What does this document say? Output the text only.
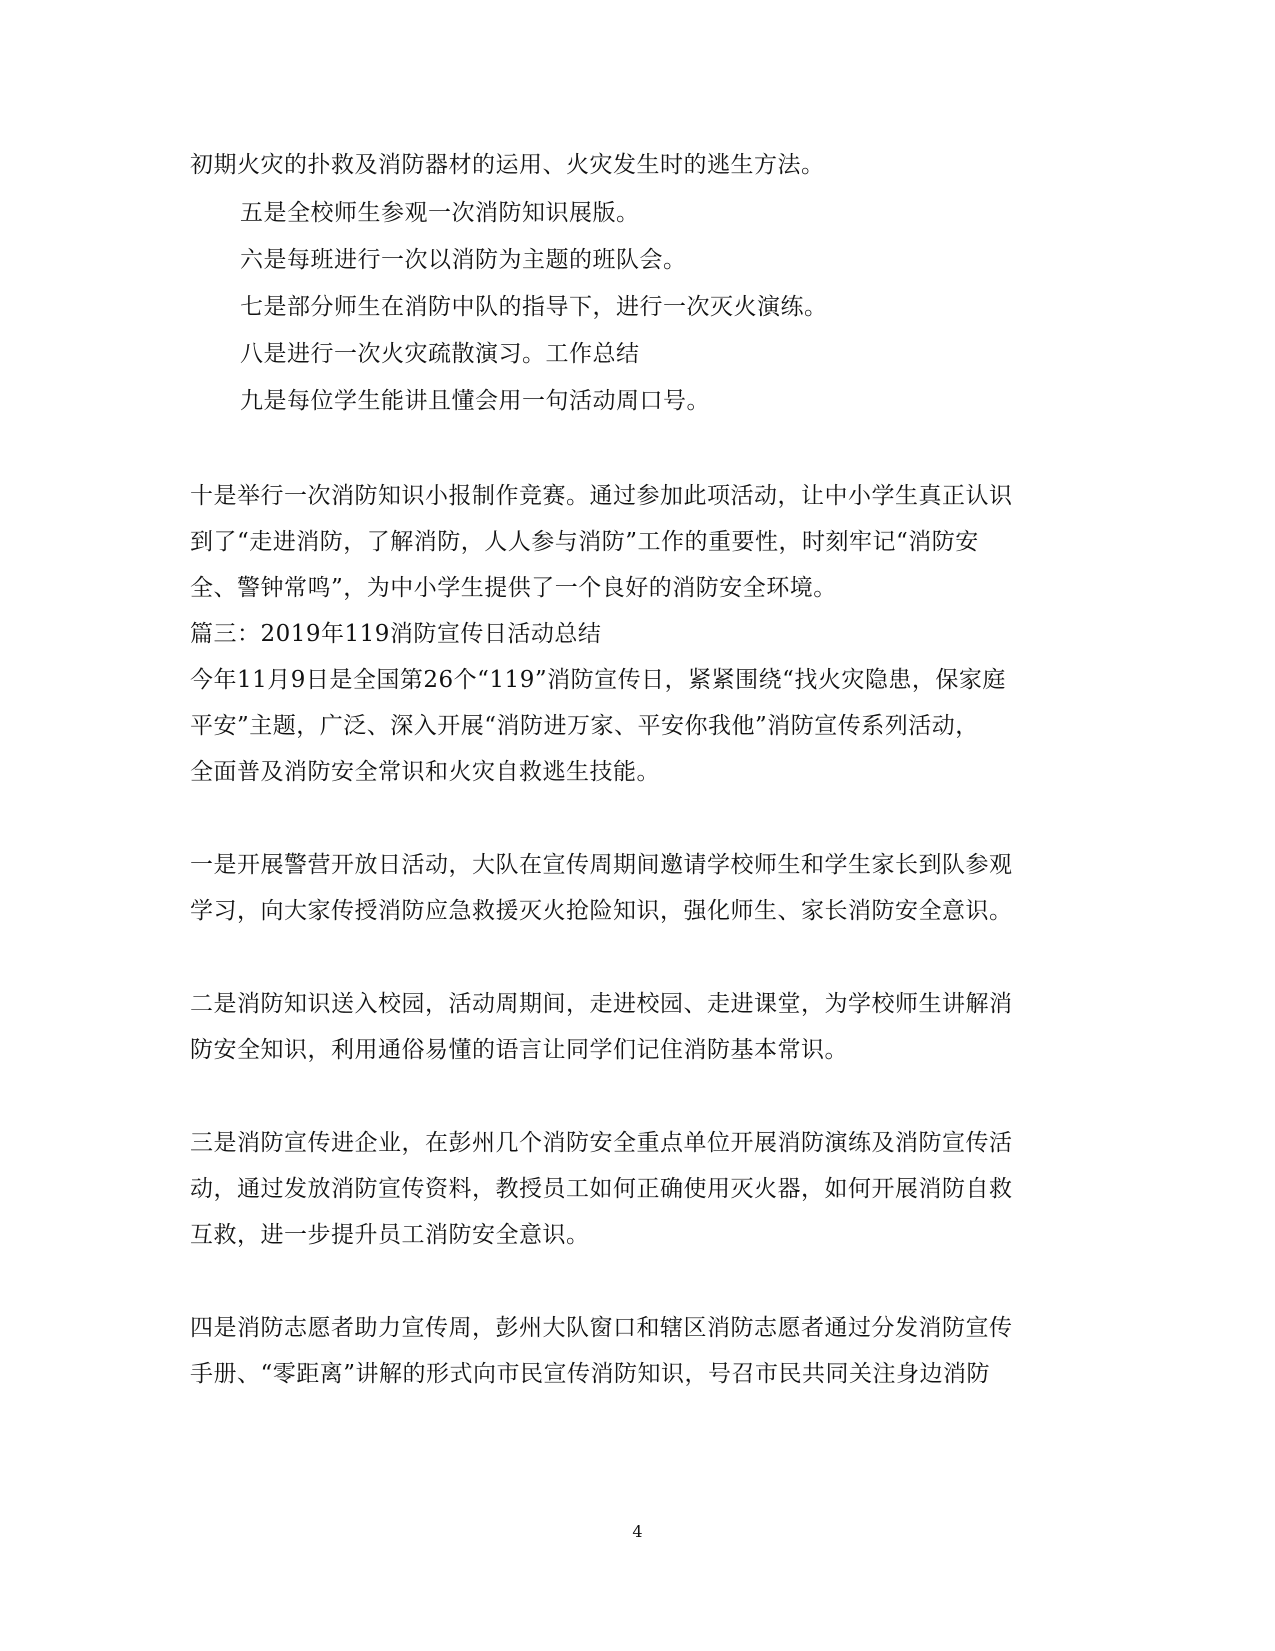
初期火灾的扑救及消防器材的运用、火灾发生时的逃生方法。
五是全校师生参观一次消防知识展版。
六是每班进行一次以消防为主题的班队会。
七是部分师生在消防中队的指导下，进行一次灭火演练。
八是进行一次火灾疏散演习。工作总结
九是每位学生能讲且懂会用一句活动周口号。
十是举行一次消防知识小报制作竞赛。通过参加此项活动，让中小学生真正认识
到了“走进消防，了解消防，人人参与消防”工作的重要性，时刻牢记“消防安
全、警钟常鸣”，为中小学生提供了一个良好的消防安全环境。
篇三：2019年119消防宣传日活动总结
今年11月9日是全国第26个“119”消防宣传日，紧紧围绕“找火灾隐患，保家庭
平安”主题，广泛、深入开展“消防进万家、平安你我他”消防宣传系列活动，
全面普及消防安全常识和火灾自救逃生技能。
一是开展警营开放日活动，大队在宣传周期间邀请学校师生和学生家长到队参观
学习，向大家传授消防应急救援灭火抢险知识，强化师生、家长消防安全意识。
二是消防知识送入校园，活动周期间，走进校园、走进课堂，为学校师生讲解消
防安全知识，利用通俗易懂的语言让同学们记住消防基本常识。
三是消防宣传进企业，在彭州几个消防安全重点单位开展消防演练及消防宣传活
动，通过发放消防宣传资料，教授员工如何正确使用灭火器，如何开展消防自救
互救，进一步提升员工消防安全意识。
四是消防志愿者助力宣传周，彭州大队窗口和辖区消防志愿者通过分发消防宣传
手册、“零距离”讲解的形式向市民宣传消防知识，号召市民共同关注身边消防
4
